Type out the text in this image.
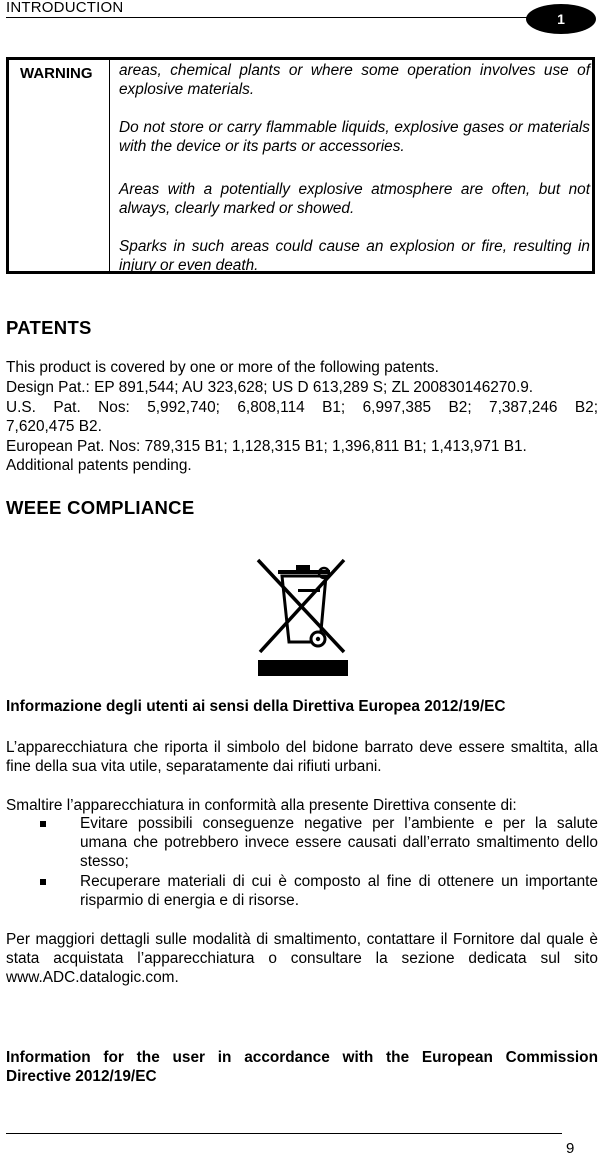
INTRODUCTION
1
WARNING areas, chemical plants or where some operation involves use of explosive materials.
Do not store or carry flammable liquids, explosive gases or materials with the device or its parts or accessories.
Areas with a potentially explosive atmosphere are often, but not always, clearly marked or showed.
Sparks in such areas could cause an explosion or fire, resulting in injury or even death.
PATENTS
This product is covered by one or more of the following patents.
Design Pat.: EP 891,544; AU 323,628; US D 613,289 S; ZL 200830146270.9.
U.S. Pat. Nos: 5,992,740; 6,808,114 B1; 6,997,385 B2; 7,387,246 B2;
7,620,475 B2.
European Pat. Nos: 789,315 B1; 1,128,315 B1; 1,396,811 B1; 1,413,971 B1.
Additional patents pending.
WEEE COMPLIANCE
Informazione degli utenti ai sensi della Direttiva Europea 2012/19/EC
L’apparecchiatura che riporta il simbolo del bidone barrato deve essere smaltita, alla fine della sua vita utile, separatamente dai rifiuti urbani.
Smaltire l’apparecchiatura in conformità alla presente Direttiva consente di:
Evitare possibili conseguenze negative per l’ambiente e per la salute umana che potrebbero invece essere causati dall’errato smaltimento dello stesso;
Recuperare materiali di cui è composto al fine di ottenere un importante risparmio di energia e di risorse.
Per maggiori dettagli sulle modalità di smaltimento, contattare il Fornitore dal quale è stata acquistata l’apparecchiatura o consultare la sezione dedicata sul sito www.ADC.datalogic.com.
Information for the user in accordance with the European Commission
Directive 2012/19/EC
9
